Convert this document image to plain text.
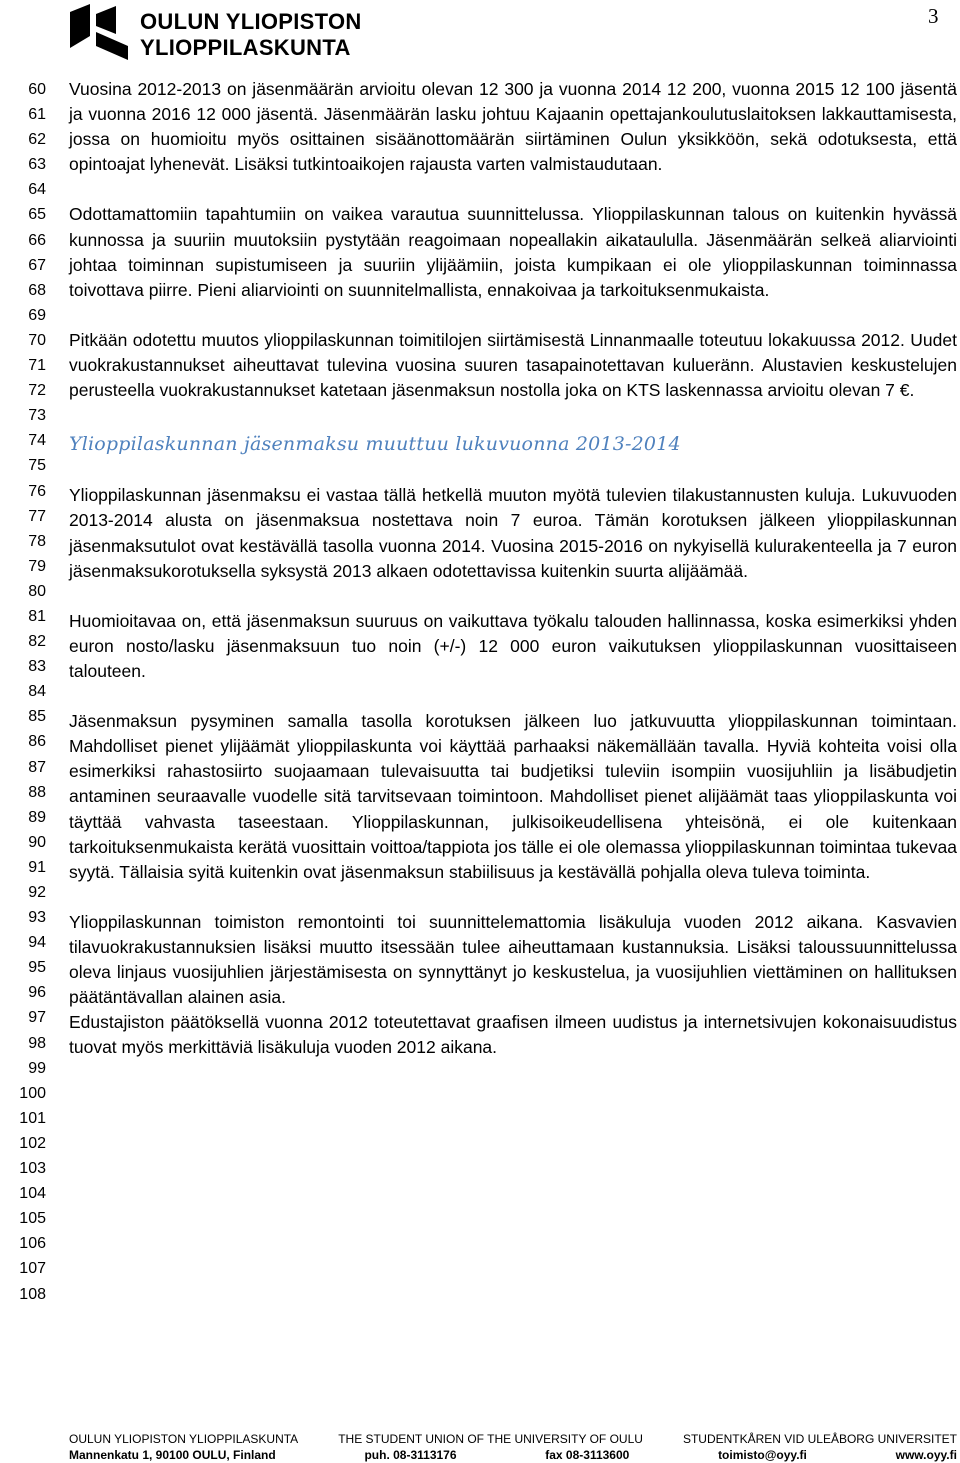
OULUN YLIOPISTON
YLIOPPILASKUNTA
3
60
61
62
63
64
65
66
67
68
69
70
71
72
73
74
75
76
77
78
79
80
81
82
83
84
85
86
87
88
89
90
91
92
93
94
95
96
97
98
99
100
101
102
103
104
105
106
107
108

Vuosina 2012-2013 on jäsenmäärän arvioitu olevan 12 300 ja vuonna 2014 12 200, vuonna 2015 12 100 jäsentä ja vuonna 2016 12 000 jäsentä. Jäsenmäärän lasku johtuu Kajaanin opettajankoulutuslaitoksen lakkauttamisesta, jossa on huomioitu myös osittainen sisäänottomäärän siirtäminen Oulun yksikköön, sekä odotuksesta, että opintoajat lyhenevät. Lisäksi tutkintoaikojen rajausta varten valmistaudutaan.

Odottamattomiin tapahtumiin on vaikea varautua suunnittelussa. Ylioppilaskunnan talous on kuitenkin hyvässä kunnossa ja suuriin muutoksiin pystytään reagoimaan nopeallakin aikataululla. Jäsenmäärän selkeä aliarviointi johtaa toiminnan supistumiseen ja suuriin ylijäämiin, joista kumpikaan ei ole ylioppilaskunnan toiminnassa toivottava piirre. Pieni aliarviointi on suunnitelmallista, ennakoivaa ja tarkoituksenmukaista.

Pitkään odotettu muutos ylioppilaskunnan toimitilojen siirtämisestä Linnanmaalle toteutuu lokakuussa 2012. Uudet vuokrakustannukset aiheuttavat tulevina vuosina suuren tasapainotettavan kulueränn. Alustavien keskustelujen perusteella vuokrakustannukset katetaan jäsenmaksun nostolla joka on KTS laskennassa arvioitu olevan 7 €.

Ylioppilaskunnan jäsenmaksu muuttuu lukuvuonna 2013-2014

Ylioppilaskunnan jäsenmaksu ei vastaa tällä hetkellä muuton myötä tulevien tilakustannusten kuluja. Lukuvuoden 2013-2014 alusta on jäsenmaksua nostettava noin 7 euroa. Tämän korotuksen jälkeen ylioppilaskunnan jäsenmaksutulot ovat kestävällä tasolla vuonna 2014. Vuosina 2015-2016 on nykyisellä kulurakenteella ja 7 euron jäsenmaksukorotuksella syksystä 2013 alkaen odotettavissa kuitenkin suurta alijäämää.

Huomioitavaa on, että jäsenmaksun suuruus on vaikuttava työkalu talouden hallinnassa, koska esimerkiksi yhden euron nosto/lasku jäsenmaksuun tuo noin (+/-) 12 000 euron vaikutuksen ylioppilaskunnan vuosittaiseen talouteen.

Jäsenmaksun pysyminen samalla tasolla korotuksen jälkeen luo jatkuvuutta ylioppilaskunnan toimintaan. Mahdolliset pienet ylijäämät ylioppilaskunta voi käyttää parhaaksi näkemällään tavalla. Hyviä kohteita voisi olla esimerkiksi rahastosiirto suojaamaan tulevaisuutta tai budjetiksi tuleviin isompiin vuosijuhliin ja lisäbudjetin antaminen seuraavalle vuodelle sitä tarvitsevaan toimintoon. Mahdolliset pienet alijäämät taas ylioppilaskunta voi täyttää vahvasta taseestaan. Ylioppilaskunnan, julkisoikeudellisena yhteisönä, ei ole kuitenkaan tarkoituksenmukaista kerätä vuosittain voittoa/tappiota jos tälle ei ole olemassa ylioppilaskunnan toimintaa tukevaa syytä. Tällaisia syitä kuitenkin ovat jäsenmaksun stabiilisuus ja kestävällä pohjalla oleva tuleva toiminta.

Ylioppilaskunnan toimiston remontointi toi suunnittelemattomia lisäkuluja vuoden 2012 aikana. Kasvavien tilavuokrakustannuksien lisäksi muutto itsessään tulee aiheuttamaan kustannuksia. Lisäksi taloussuunnittelussa oleva linjaus vuosijuhlien järjestämisesta on synnyttänyt jo keskustelua, ja vuosijuhlien viettäminen on hallituksen päätäntävallan alainen asia.

Edustajiston päätöksellä vuonna 2012 toteutettavat graafisen ilmeen uudistus ja internetsivujen kokonaisuudistus tuovat myös merkittäviä lisäkuluja vuoden 2012 aikana.

OULUN YLIOPISTON YLIOPPILASKUNTA	THE STUDENT UNION OF THE UNIVERSITY OF OULU	STUDENTKÅREN VID ULEÅBORG UNIVERSITET
Mannenkatu 1, 90100 OULU, Finland	puh. 08-3113176	fax 08-3113600	toimisto@oyy.fi	www.oyy.fi
